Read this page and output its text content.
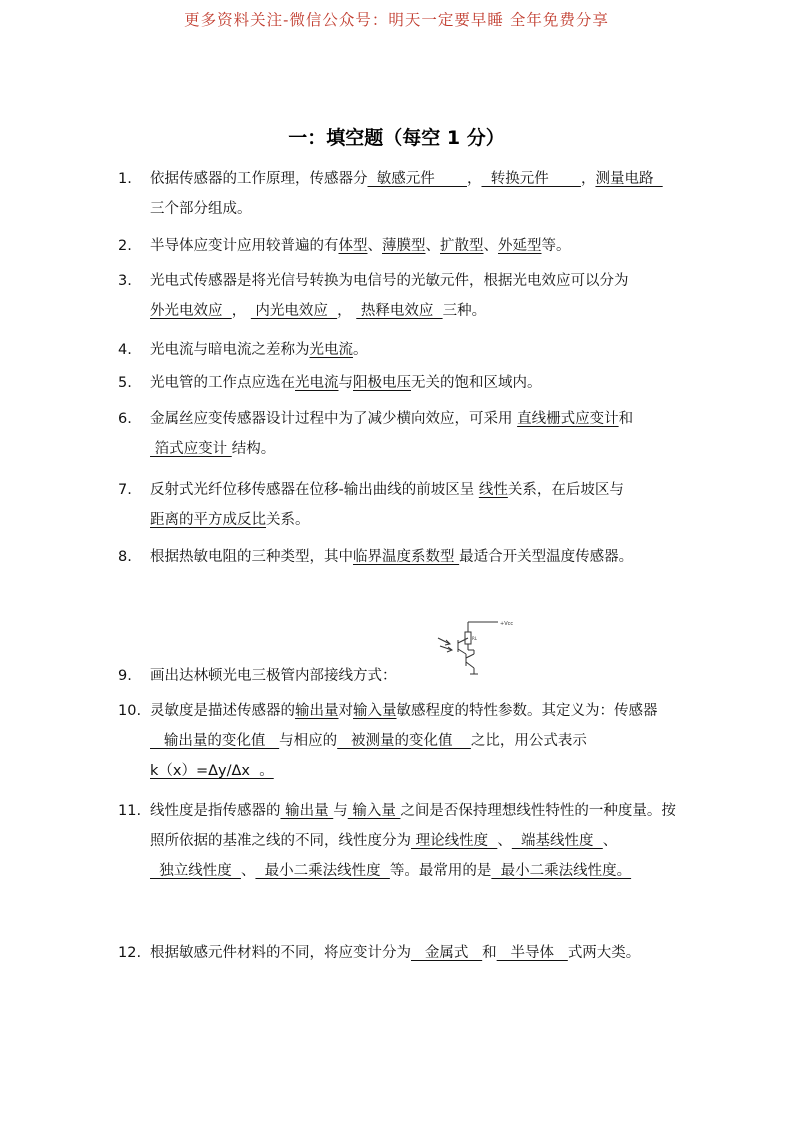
更多资料关注-微信公众号：明天一定要早睡 全年免费分享
一：填空题（每空 1 分）
1. 依据传感器的工作原理，传感器分  敏感元件       ，  转换元件       ，测量电路   三个部分组成。
2. 半导体应变计应用较普遍的有体型、薄膜型、扩散型、外延型等。
3. 光电式传感器是将光信号转换为电信号的光敏元件，根据光电效应可以分为外光电效应  ，  内光电效应  ，  热释电效应  三种。
4. 光电流与暗电流之差称为光电流。
5. 光电管的工作点应选在光电流与阳极电压无关的饱和区域内。
6. 金属丝应变传感器设计过程中为了减少横向效应，可采用 直线栅式应变计和  箔式应变计 结构。
7. 反射式光纤位移传感器在位移-输出曲线的前坡区呈 线性关系，在后坡区与距离的平方成反比关系。
8. 根据热敏电阻的三种类型，其中临界温度系数型 最适合开关型温度传感器。
+Vcc
RL
9. 画出达林顿光电三极管内部接线方式：
10. 灵敏度是描述传感器的输出量对输入量敏感程度的特性参数。其定义为：传感器   输出量的变化值   与相应的   被测量的变化值    之比，用公式表示k（x）=Δy/Δx  。
11. 线性度是指传感器的 输出量 与 输入量 之间是否保持理想线性特性的一种度量。按照所依据的基准之线的不同，线性度分为 理论线性度  、  端基线性度  、  独立线性度  、  最小二乘法线性度  等。最常用的是  最小二乘法线性度。
12. 根据敏感元件材料的不同，将应变计分为   金属式   和   半导体   式两大类。
